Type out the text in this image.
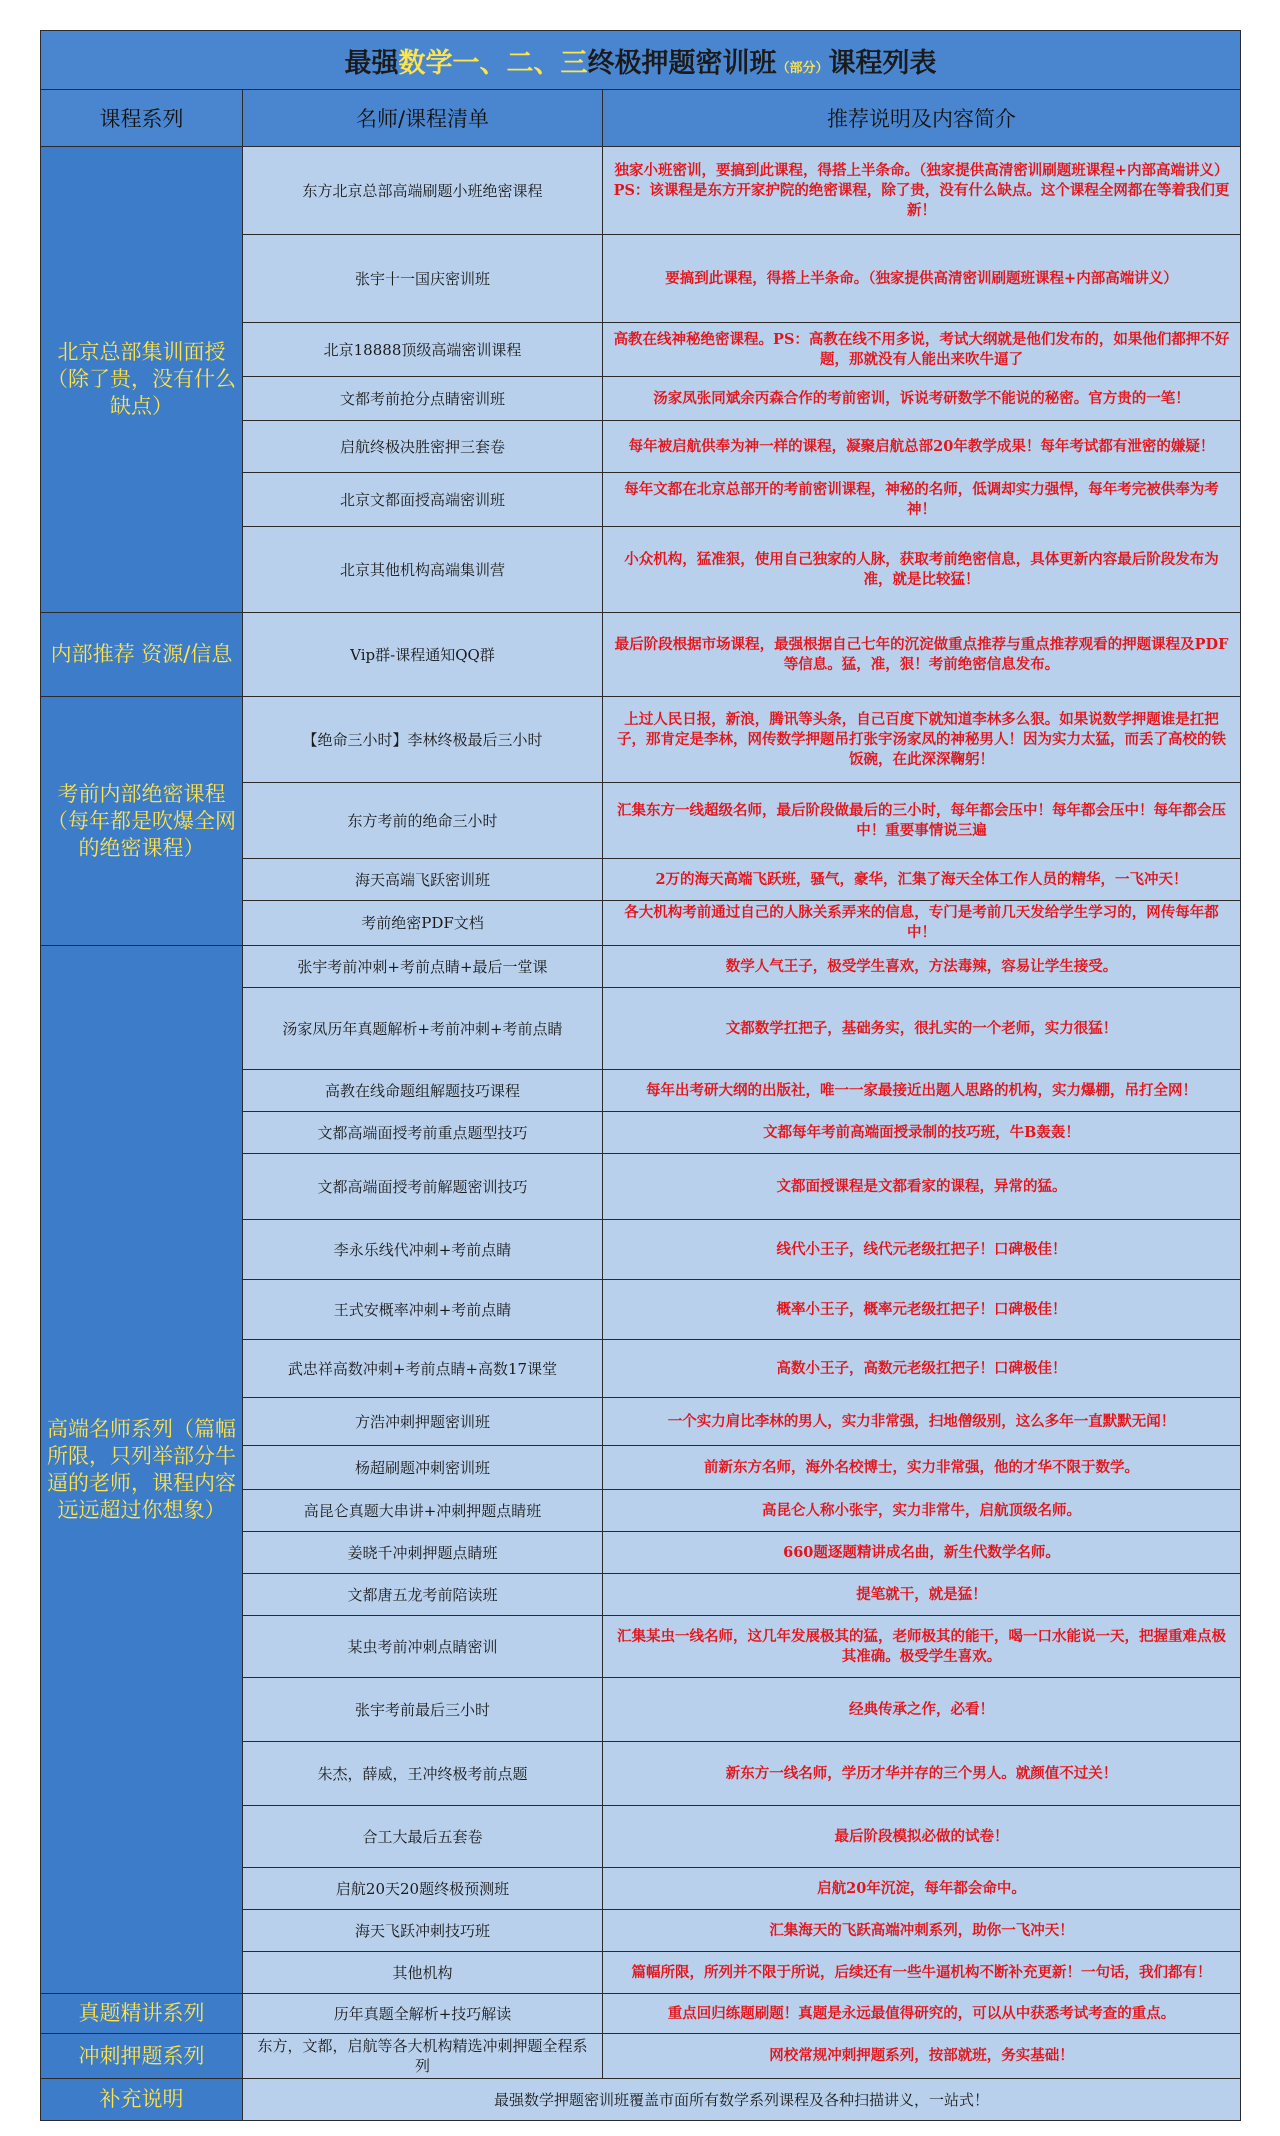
最强数学一、二、三终极押题密训班（部分）课程列表		
课程系列	名师/课程清单	推荐说明及内容简介
北京总部集训面授（除了贵，没有什么缺点）	东方北京总部高端刷题小班绝密课程	独家小班密训，要搞到此课程，得搭上半条命。（独家提供高清密训刷题班课程+内部高端讲义）PS：该课程是东方开家护院的绝密课程，除了贵，没有什么缺点。这个课程全网都在等着我们更新！
	张宇十一国庆密训班	要搞到此课程，得搭上半条命。（独家提供高清密训刷题班课程+内部高端讲义）
	北京18888顶级高端密训课程	高教在线神秘绝密课程。PS：高教在线不用多说，考试大纲就是他们发布的，如果他们都押不好题，那就没有人能出来吹牛逼了
	文都考前抢分点睛密训班	汤家凤张同斌余丙森合作的考前密训，诉说考研数学不能说的秘密。官方贵的一笔！
	启航终极决胜密押三套卷	每年被启航供奉为神一样的课程，凝聚启航总部20年教学成果！每年考试都有泄密的嫌疑！
	北京文都面授高端密训班	每年文都在北京总部开的考前密训课程，神秘的名师，低调却实力强悍，每年考完被供奉为考神！
	北京其他机构高端集训营	小众机构，猛准狠，使用自己独家的人脉，获取考前绝密信息，具体更新内容最后阶段发布为准，就是比较猛！
内部推荐 资源/信息	Vip群-课程通知QQ群	最后阶段根据市场课程，最强根据自己七年的沉淀做重点推荐与重点推荐观看的押题课程及PDF等信息。猛，准，狠！考前绝密信息发布。
考前内部绝密课程（每年都是吹爆全网的绝密课程）	【绝命三小时】李林终极最后三小时	上过人民日报，新浪，腾讯等头条，自己百度下就知道李林多么狠。如果说数学押题谁是扛把子，那肯定是李林，网传数学押题吊打张宇汤家凤的神秘男人！因为实力太猛，而丢了高校的铁饭碗，在此深深鞠躬！
	东方考前的绝命三小时	汇集东方一线超级名师，最后阶段做最后的三小时，每年都会压中！每年都会压中！每年都会压中！重要事情说三遍
	海天高端飞跃密训班	2万的海天高端飞跃班，骚气，豪华，汇集了海天全体工作人员的精华，一飞冲天！
	考前绝密PDF文档	各大机构考前通过自己的人脉关系弄来的信息，专门是考前几天发给学生学习的，网传每年都中！
高端名师系列（篇幅所限，只列举部分牛逼的老师，课程内容远远超过你想象）	张宇考前冲刺+考前点睛+最后一堂课	数学人气王子，极受学生喜欢，方法毒辣，容易让学生接受。
	汤家凤历年真题解析+考前冲刺+考前点睛	文都数学扛把子，基础务实，很扎实的一个老师，实力很猛！
	高教在线命题组解题技巧课程	每年出考研大纲的出版社，唯一一家最接近出题人思路的机构，实力爆棚，吊打全网！
	文都高端面授考前重点题型技巧	文都每年考前高端面授录制的技巧班，牛B轰轰！
	文都高端面授考前解题密训技巧	文都面授课程是文都看家的课程，异常的猛。
	李永乐线代冲刺+考前点睛	线代小王子，线代元老级扛把子！口碑极佳！
	王式安概率冲刺+考前点睛	概率小王子，概率元老级扛把子！口碑极佳！
	武忠祥高数冲刺+考前点睛+高数17课堂	高数小王子，高数元老级扛把子！口碑极佳！
	方浩冲刺押题密训班	一个实力肩比李林的男人，实力非常强，扫地僧级别，这么多年一直默默无闻！
	杨超刷题冲刺密训班	前新东方名师，海外名校博士，实力非常强，他的才华不限于数学。
	高昆仑真题大串讲+冲刺押题点睛班	高昆仑人称小张宇，实力非常牛，启航顶级名师。
	姜晓千冲刺押题点睛班	660题逐题精讲成名曲，新生代数学名师。
	文都唐五龙考前陪读班	提笔就干，就是猛！
	某虫考前冲刺点睛密训	汇集某虫一线名师，这几年发展极其的猛，老师极其的能干，喝一口水能说一天，把握重难点极其准确。极受学生喜欢。
	张宇考前最后三小时	经典传承之作，必看！
	朱杰，薛威，王冲终极考前点题	新东方一线名师，学历才华并存的三个男人。就颜值不过关！
	合工大最后五套卷	最后阶段模拟必做的试卷！
	启航20天20题终极预测班	启航20年沉淀，每年都会命中。
	海天飞跃冲刺技巧班	汇集海天的飞跃高端冲刺系列，助你一飞冲天！
	其他机构	篇幅所限，所列并不限于所说，后续还有一些牛逼机构不断补充更新！一句话，我们都有！
真题精讲系列	历年真题全解析+技巧解读	重点回归练题刷题！真题是永远最值得研究的，可以从中获悉考试考查的重点。
冲刺押题系列	东方，文都，启航等各大机构精选冲刺押题全程系列	网校常规冲刺押题系列，按部就班，务实基础！
补充说明	最强数学押题密训班覆盖市面所有数学系列课程及各种扫描讲义，一站式！	
